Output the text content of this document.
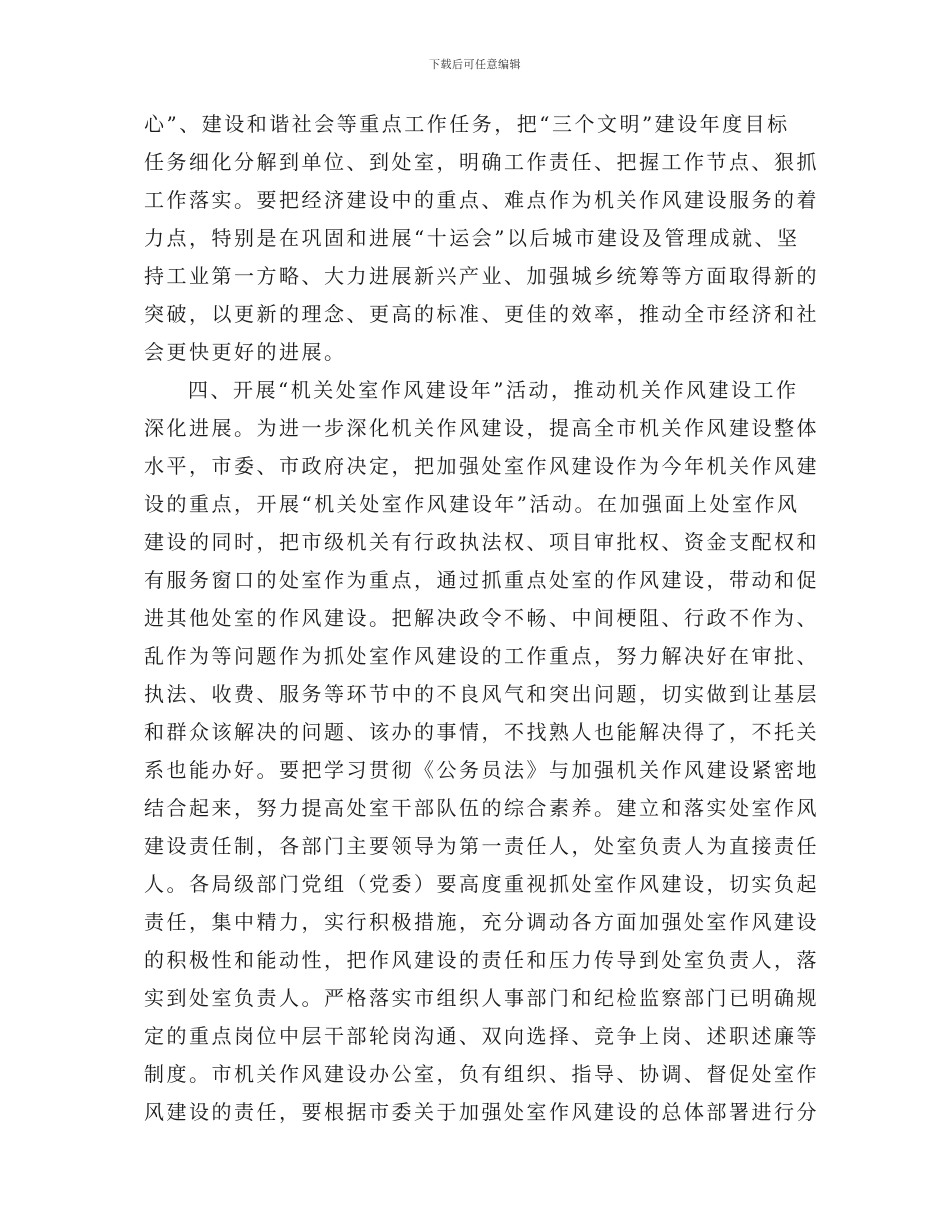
下载后可任意编辑
心”、建设和谐社会等重点工作任务，把“三个文明”建设年度目标
任务细化分解到单位、到处室，明确工作责任、把握工作节点、狠抓
工作落实。要把经济建设中的重点、难点作为机关作风建设服务的着
力点，特别是在巩固和进展“十运会”以后城市建设及管理成就、坚
持工业第一方略、大力进展新兴产业、加强城乡统筹等方面取得新的
突破，以更新的理念、更高的标准、更佳的效率，推动全市经济和社
会更快更好的进展。
四、开展“机关处室作风建设年”活动，推动机关作风建设工作
深化进展。为进一步深化机关作风建设，提高全市机关作风建设整体
水平，市委、市政府决定，把加强处室作风建设作为今年机关作风建
设的重点，开展“机关处室作风建设年”活动。在加强面上处室作风
建设的同时，把市级机关有行政执法权、项目审批权、资金支配权和
有服务窗口的处室作为重点，通过抓重点处室的作风建设，带动和促
进其他处室的作风建设。把解决政令不畅、中间梗阻、行政不作为、
乱作为等问题作为抓处室作风建设的工作重点，努力解决好在审批、
执法、收费、服务等环节中的不良风气和突出问题，切实做到让基层
和群众该解决的问题、该办的事情，不找熟人也能解决得了，不托关
系也能办好。要把学习贯彻《公务员法》与加强机关作风建设紧密地
结合起来，努力提高处室干部队伍的综合素养。建立和落实处室作风
建设责任制，各部门主要领导为第一责任人，处室负责人为直接责任
人。各局级部门党组（党委）要高度重视抓处室作风建设，切实负起
责任，集中精力，实行积极措施，充分调动各方面加强处室作风建设
的积极性和能动性，把作风建设的责任和压力传导到处室负责人，落
实到处室负责人。严格落实市组织人事部门和纪检监察部门已明确规
定的重点岗位中层干部轮岗沟通、双向选择、竞争上岗、述职述廉等
制度。市机关作风建设办公室，负有组织、指导、协调、督促处室作
风建设的责任，要根据市委关于加强处室作风建设的总体部署进行分
